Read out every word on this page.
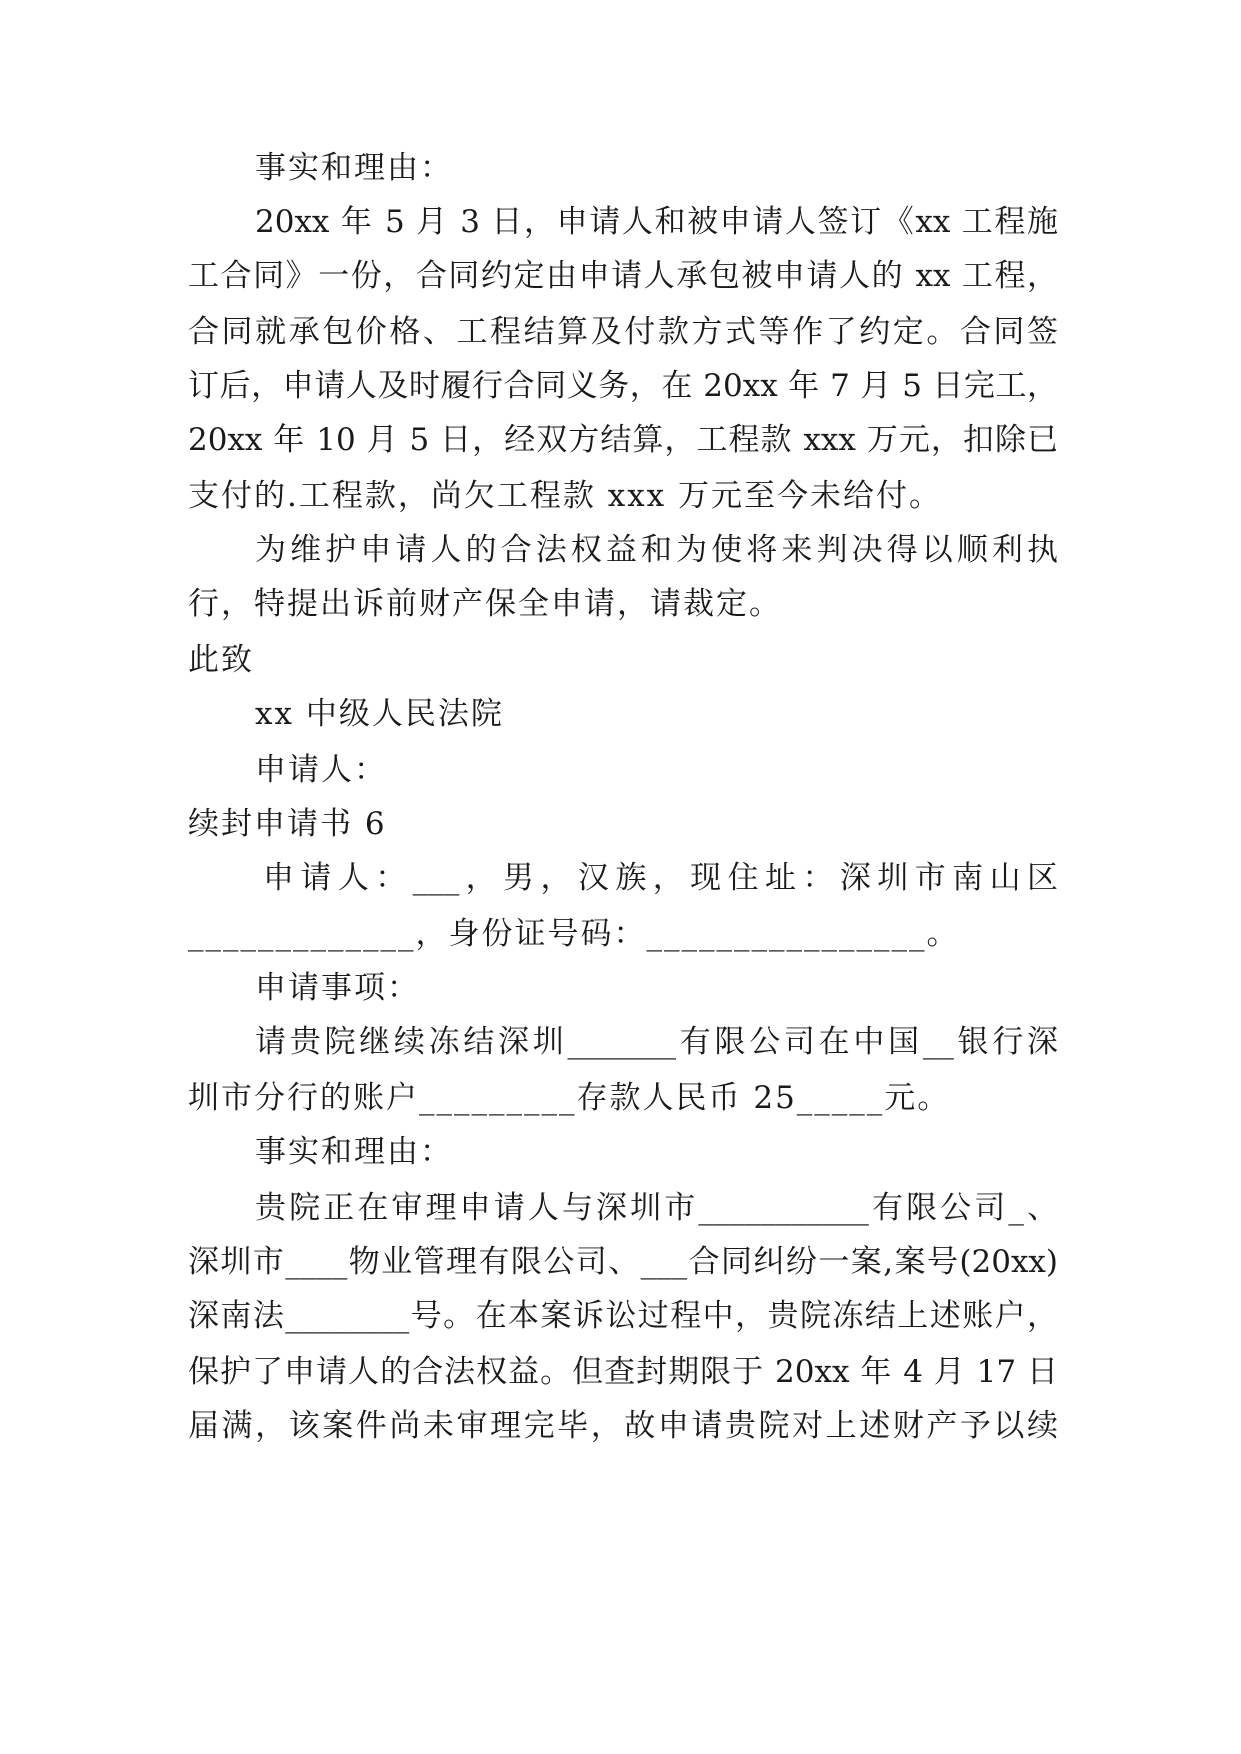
事实和理由：
20xx 年 5 月 3 日，申请人和被申请人签订《xx 工程施
工合同》一份，合同约定由申请人承包被申请人的 xx 工程，
合同就承包价格、工程结算及付款方式等作了约定。合同签
订后，申请人及时履行合同义务，在 20xx 年 7 月 5 日完工，
20xx 年 10 月 5 日，经双方结算，工程款 xxx 万元，扣除已
支付的.工程款，尚欠工程款 xxx 万元至今未给付。
为维护申请人的合法权益和为使将来判决得以顺利执
行，特提出诉前财产保全申请，请裁定。
此致
xx 中级人民法院
申请人：
续封申请书 6
申请人：___，男，汉族，现住址：深圳市南山区
_____________，身份证号码：________________。
申请事项：
请贵院继续冻结深圳_______有限公司在中国__银行深
圳市分行的账户_________存款人民币 25_____元。
事实和理由：
贵院正在审理申请人与深圳市___________有限公司_、
深圳市____物业管理有限公司、___合同纠纷一案,案号(20xx)
深南法________号。在本案诉讼过程中，贵院冻结上述账户，
保护了申请人的合法权益。但查封期限于 20xx 年 4 月 17 日
届满，该案件尚未审理完毕，故申请贵院对上述财产予以续
